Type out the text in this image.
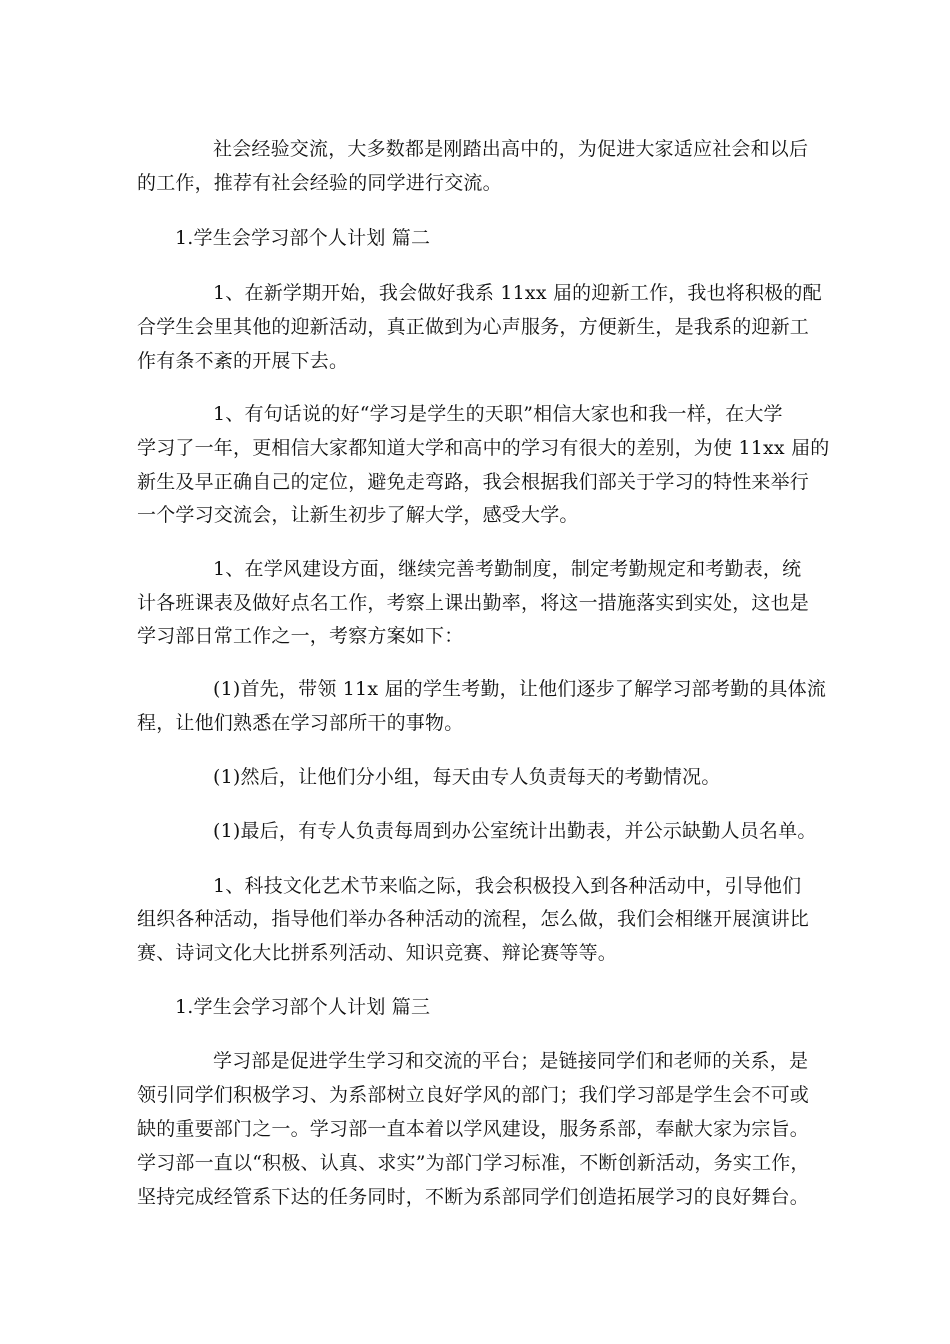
社会经验交流，大多数都是刚踏出高中的，为促进大家适应社会和以后
的工作，推荐有社会经验的同学进行交流。
1.学生会学习部个人计划 篇二
1、在新学期开始，我会做好我系 11xx 届的迎新工作，我也将积极的配
合学生会里其他的迎新活动，真正做到为心声服务，方便新生，是我系的迎新工
作有条不紊的开展下去。
1、有句话说的好“学习是学生的天职”相信大家也和我一样，在大学
学习了一年，更相信大家都知道大学和高中的学习有很大的差别，为使 11xx 届的
新生及早正确自己的定位，避免走弯路，我会根据我们部关于学习的特性来举行
一个学习交流会，让新生初步了解大学，感受大学。
1、在学风建设方面，继续完善考勤制度，制定考勤规定和考勤表，统
计各班课表及做好点名工作，考察上课出勤率，将这一措施落实到实处，这也是
学习部日常工作之一，考察方案如下：
(1)首先，带领 11x 届的学生考勤，让他们逐步了解学习部考勤的具体流
程，让他们熟悉在学习部所干的事物。
(1)然后，让他们分小组，每天由专人负责每天的考勤情况。
(1)最后，有专人负责每周到办公室统计出勤表，并公示缺勤人员名单。
1、科技文化艺术节来临之际，我会积极投入到各种活动中，引导他们
组织各种活动，指导他们举办各种活动的流程，怎么做，我们会相继开展演讲比
赛、诗词文化大比拼系列活动、知识竞赛、辩论赛等等。
1.学生会学习部个人计划 篇三
学习部是促进学生学习和交流的平台；是链接同学们和老师的关系，是
领引同学们积极学习、为系部树立良好学风的部门；我们学习部是学生会不可或
缺的重要部门之一。学习部一直本着以学风建设，服务系部，奉献大家为宗旨。
学习部一直以“积极、认真、求实”为部门学习标准，不断创新活动，务实工作，
坚持完成经管系下达的任务同时，不断为系部同学们创造拓展学习的良好舞台。
